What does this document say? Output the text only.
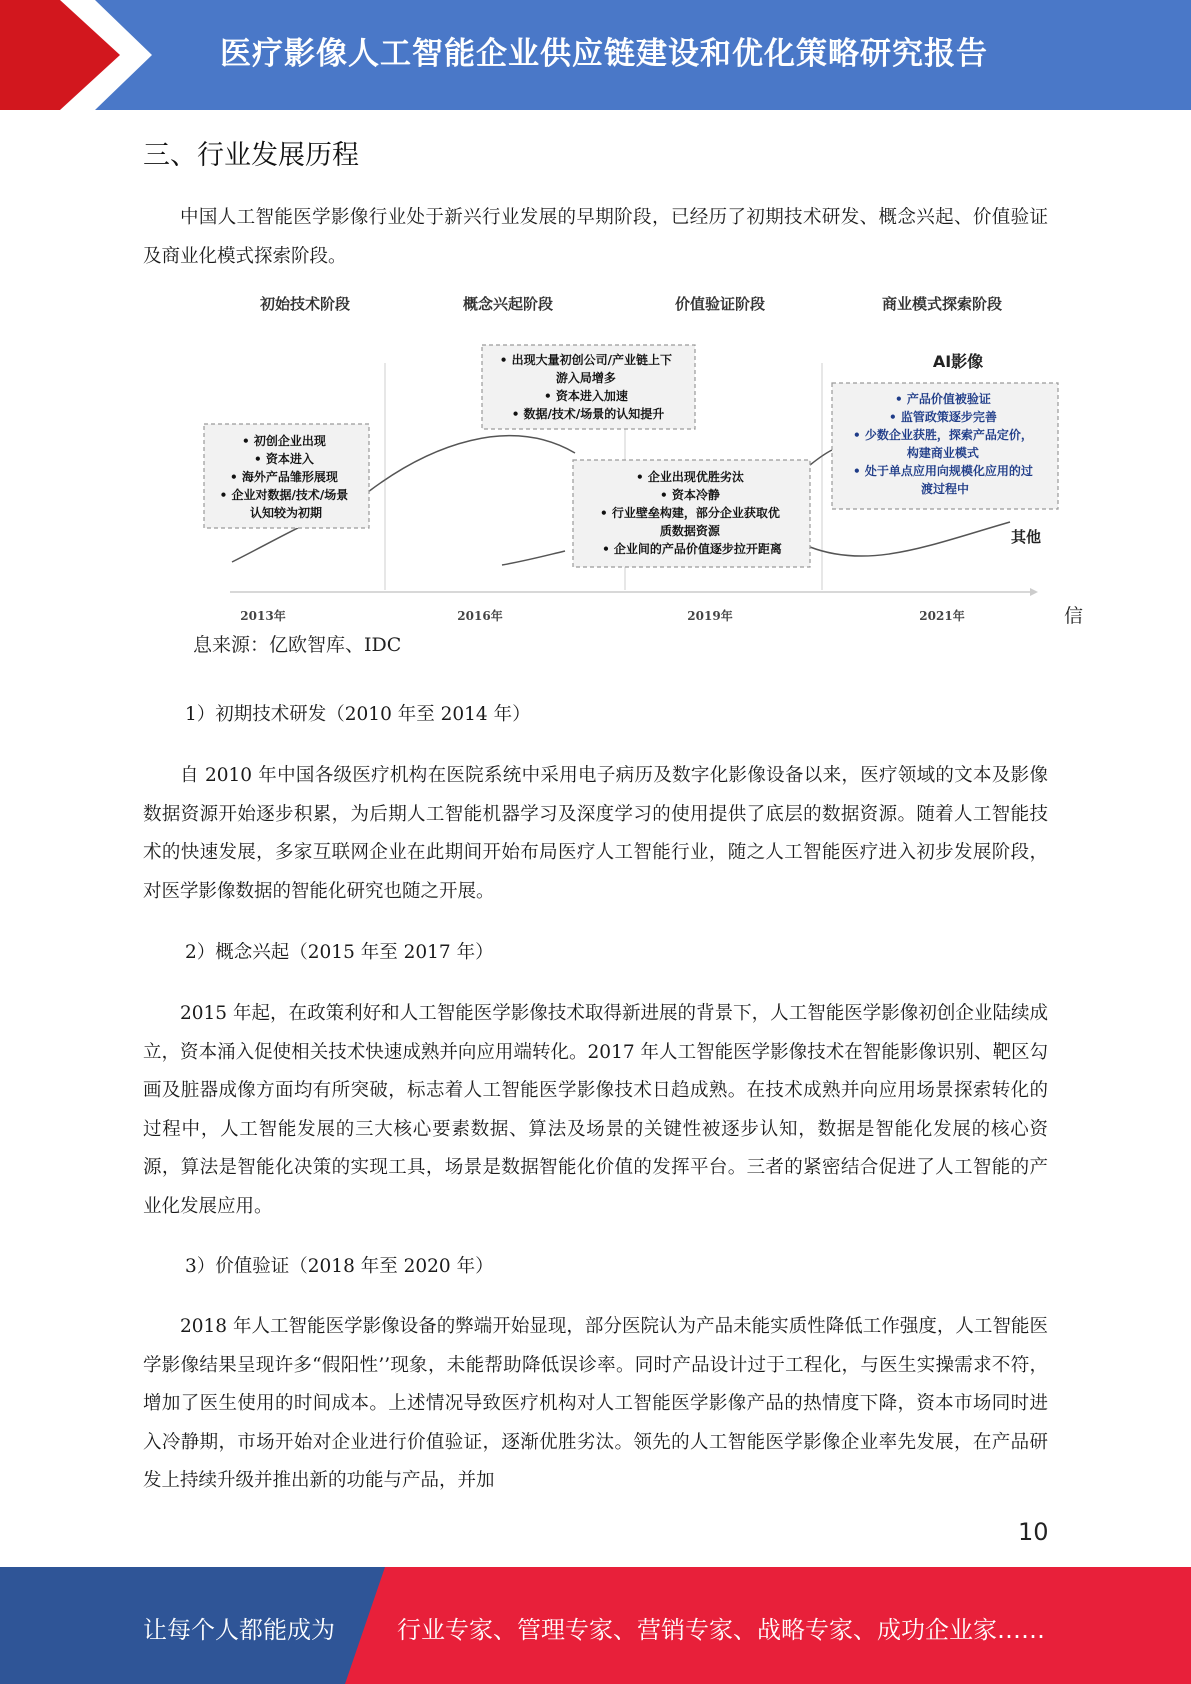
医疗影像人工智能企业供应链建设和优化策略研究报告
三、行业发展历程

中国人工智能医学影像行业处于新兴行业发展的早期阶段，已经历了初期技术研发、概念兴起、价值验证及商业化模式探索阶段。

初始技术阶段	概念兴起阶段	价值验证阶段	商业模式探索阶段
2013年	2016年	2019年	2021年
• 初创企业出现 • 资本进入 • 海外产品雏形展现 • 企业对数据/技术/场景 认知较为初期
• 出现大量初创公司/产业链上下 游入局增多 • 资本进入加速 • 数据/技术/场景的认知提升
• 企业出现优胜劣汰 • 资本冷静 • 行业壁垒构建，部分企业获取优 质数据资源 • 企业间的产品价值逐步拉开距离
• 产品价值被验证 • 监管政策逐步完善 • 少数企业获胜，探索产品定价， 构建商业模式 • 处于单点应用向规模化应用的过 渡过程中
AI影像
其他
信
息来源：亿欧智库、IDC

1）初期技术研发（2010 年至 2014 年）

自 2010 年中国各级医疗机构在医院系统中采用电子病历及数字化影像设备以来，医疗领域的文本及影像数据资源开始逐步积累，为后期人工智能机器学习及深度学习的使用提供了底层的数据资源。随着人工智能技术的快速发展，多家互联网企业在此期间开始布局医疗人工智能行业，随之人工智能医疗进入初步发展阶段，对医学影像数据的智能化研究也随之开展。

2）概念兴起（2015 年至 2017 年）

2015 年起，在政策利好和人工智能医学影像技术取得新进展的背景下，人工智能医学影像初创企业陆续成立，资本涌入促使相关技术快速成熟并向应用端转化。2017 年人工智能医学影像技术在智能影像识别、靶区勾画及脏器成像方面均有所突破，标志着人工智能医学影像技术日趋成熟。在技术成熟并向应用场景探索转化的过程中，人工智能发展的三大核心要素数据、算法及场景的关键性被逐步认知，数据是智能化发展的核心资源，算法是智能化决策的实现工具，场景是数据智能化价值的发挥平台。三者的紧密结合促进了人工智能的产业化发展应用。

3）价值验证（2018 年至 2020 年）

2018 年人工智能医学影像设备的弊端开始显现，部分医院认为产品未能实质性降低工作强度，人工智能医学影像结果呈现许多“假阳性’’现象，未能帮助降低误诊率。同时产品设计过于工程化，与医生实操需求不符，增加了医生使用的时间成本。上述情况导致医疗机构对人工智能医学影像产品的热情度下降，资本市场同时进入冷静期，市场开始对企业进行价值验证，逐渐优胜劣汰。领先的人工智能医学影像企业率先发展，在产品研发上持续升级并推出新的功能与产品，并加

10
让每个人都能成为	行业专家、管理专家、营销专家、战略专家、成功企业家……
